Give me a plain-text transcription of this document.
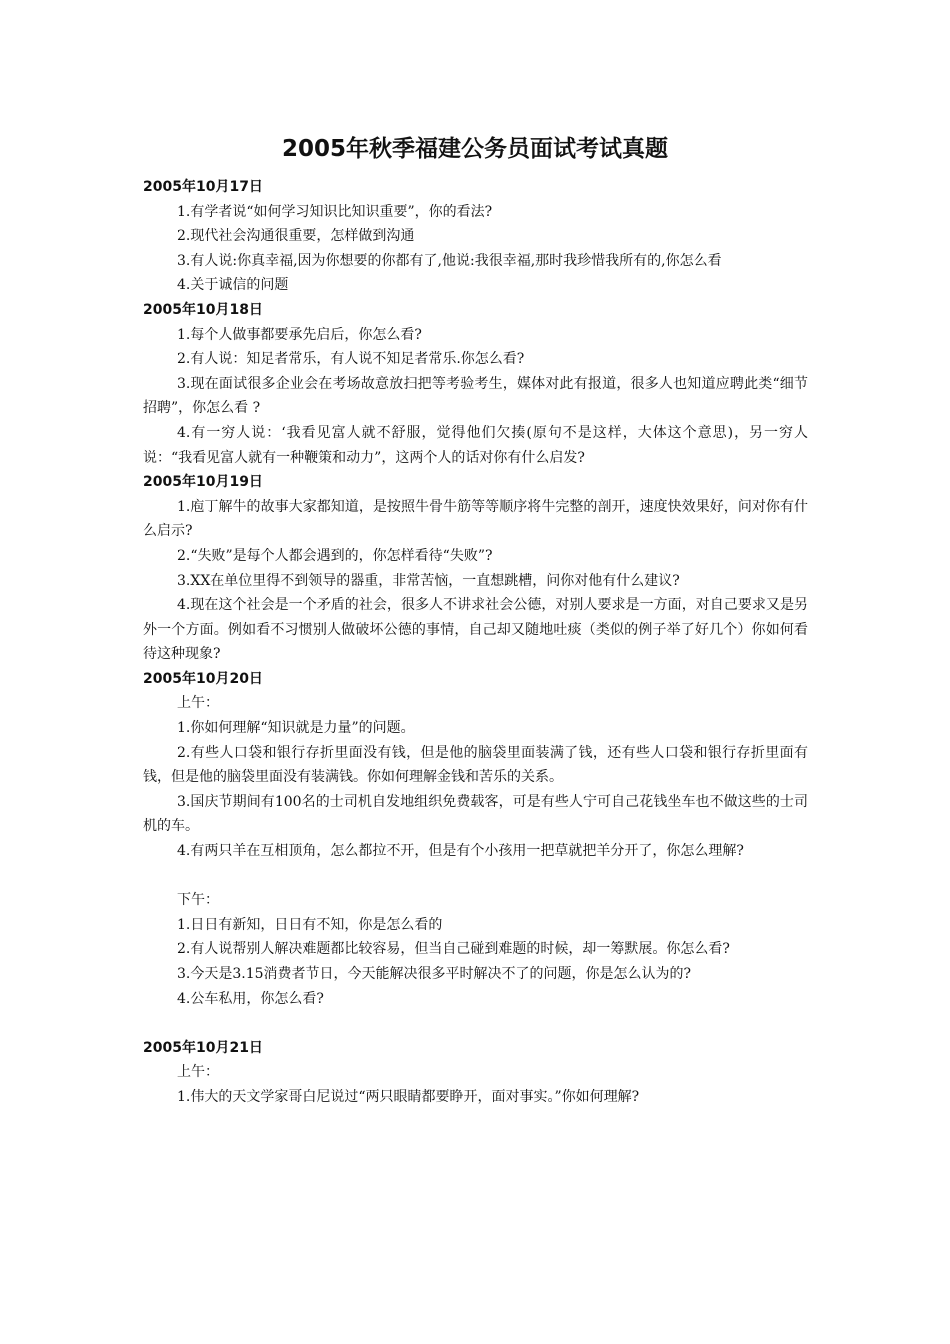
2005年秋季福建公务员面试考试真题

2005年10月17日

1.有学者说“如何学习知识比知识重要”，你的看法?

2.现代社会沟通很重要，怎样做到沟通

3.有人说:你真幸福,因为你想要的你都有了,他说:我很幸福,那时我珍惜我所有的,你怎么看

4.关于诚信的问题

2005年10月18日

1.每个人做事都要承先启后，你怎么看?

2.有人说：知足者常乐，有人说不知足者常乐.你怎么看?

3.现在面试很多企业会在考场故意放扫把等考验考生，媒体对此有报道，很多人也知道应聘此类“细节招聘”，你怎么看 ?

4.有一穷人说：‘我看见富人就不舒服，觉得他们欠揍(原句不是这样，大体这个意思)，另一穷人说：“我看见富人就有一种鞭策和动力”，这两个人的话对你有什么启发?

2005年10月19日

1.庖丁解牛的故事大家都知道，是按照牛骨牛筋等等顺序将牛完整的剖开，速度快效果好，问对你有什么启示?

2.“失败”是每个人都会遇到的，你怎样看待“失败”?

3.XX在单位里得不到领导的器重，非常苦恼，一直想跳槽，问你对他有什么建议?

4.现在这个社会是一个矛盾的社会，很多人不讲求社会公德，对别人要求是一方面，对自己要求又是另外一个方面。例如看不习惯别人做破坏公德的事情，自己却又随地吐痰（类似的例子举了好几个）你如何看待这种现象?

2005年10月20日

上午：

1.你如何理解“知识就是力量”的问题。

2.有些人口袋和银行存折里面没有钱，但是他的脑袋里面装满了钱，还有些人口袋和银行存折里面有钱，但是他的脑袋里面没有装满钱。你如何理解金钱和苦乐的关系。

3.国庆节期间有100名的士司机自发地组织免费载客，可是有些人宁可自己花钱坐车也不做这些的士司机的车。

4.有两只羊在互相顶角，怎么都拉不开，但是有个小孩用一把草就把羊分开了，你怎么理解?

下午：

1.日日有新知，日日有不知，你是怎么看的

2.有人说帮别人解决难题都比较容易，但当自己碰到难题的时候，却一筹默展。你怎么看?

3.今天是3.15消费者节日，今天能解决很多平时解决不了的问题，你是怎么认为的?

4.公车私用，你怎么看?

2005年10月21日

上午：

1.伟大的天文学家哥白尼说过“两只眼睛都要睁开，面对事实。”你如何理解?
